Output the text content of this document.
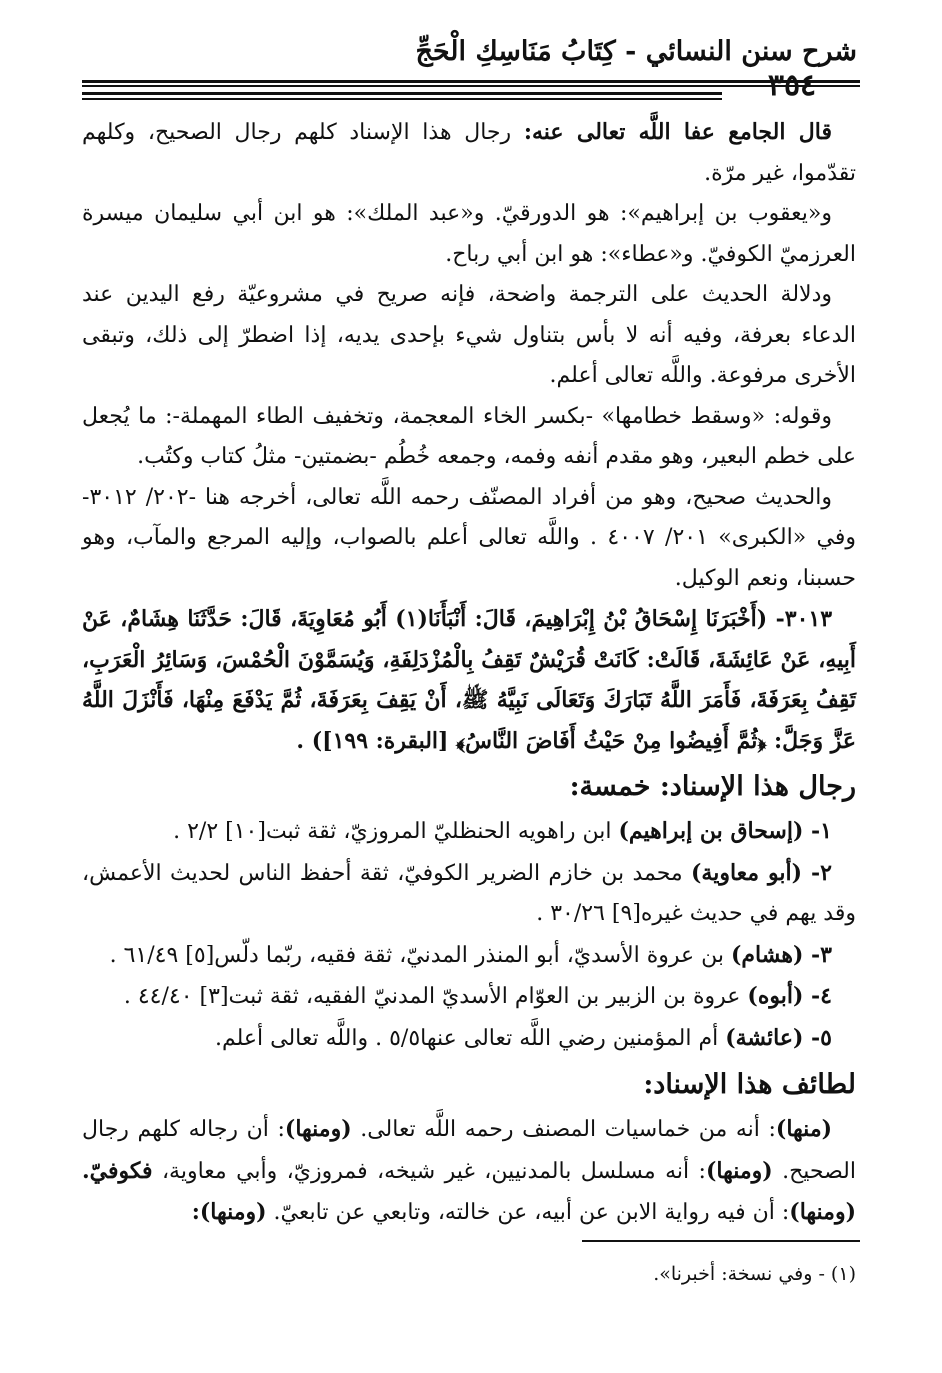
شرح سنن النسائي - كِتَابُ مَنَاسِكِ الْحَجِّ

قال الجامع عفا اللَّه تعالى عنه: رجال هذا الإسناد كلهم رجال الصحيح، وكلهم تقدّموا، غير مرّة.

و«يعقوب بن إبراهيم»: هو الدورقيّ. و«عبد الملك»: هو ابن أبي سليمان ميسرة العرزميّ الكوفيّ. و«عطاء»: هو ابن أبي رباح.

ودلالة الحديث على الترجمة واضحة، فإنه صريح في مشروعيّة رفع اليدين عند الدعاء بعرفة، وفيه أنه لا بأس بتناول شيء بإحدى يديه، إذا اضطرّ إلى ذلك، وتبقى الأخرى مرفوعة. واللَّه تعالى أعلم.

وقوله: «وسقط خطامها» -بكسر الخاء المعجمة، وتخفيف الطاء المهملة-: ما يُجعل على خطم البعير، وهو مقدم أنفه وفمه، وجمعه خُطُم -بضمتين- مثلُ كتاب وكتُب.

والحديث صحيح، وهو من أفراد المصنّف رحمه اللَّه تعالى، أخرجه هنا -٢٠٢/ ٣٠١٢- وفي «الكبرى» ٢٠١/ ٤٠٠٧ . واللَّه تعالى أعلم بالصواب، وإليه المرجع والمآب، وهو حسبنا، ونعم الوكيل.

٣٠١٣- (أَخْبَرَنَا إِسْحَاقُ بْنُ إِبْرَاهِيمَ، قَالَ: أَنْبَأَنَا(١) أَبُو مُعَاوِيَةَ، قَالَ: حَدَّثَنَا هِشَامٌ، عَنْ أَبِيهِ، عَنْ عَائِشَةَ، قَالَتْ: كَانَتْ قُرَيْشٌ تَقِفُ بِالْمُزْدَلِفَةِ، وَيُسَمَّوْنَ الْحُمْسَ، وَسَائِرُ الْعَرَبِ، تَقِفُ بِعَرَفَةَ، فَأَمَرَ اللَّهُ تَبَارَكَ وَتَعَالَى نَبِيَّهُ ﷺ، أَنْ يَقِفَ بِعَرَفَةَ، ثُمَّ يَدْفَعَ مِنْهَا، فَأَنْزَلَ اللَّهُ عَزَّ وَجَلَّ: ﴿ثُمَّ أَفِيضُوا مِنْ حَيْثُ أَفَاضَ النَّاسُ﴾ [البقرة: ١٩٩]) .

رجال هذا الإسناد: خمسة:

١- (إسحاق بن إبراهيم) ابن راهويه الحنظليّ المروزيّ، ثقة ثبت[١٠] ٢/٢ .

٢- (أبو معاوية) محمد بن خازم الضرير الكوفيّ، ثقة أحفظ الناس لحديث الأعمش، وقد يهم في حديث غيره[٩] ٣٠/٢٦ .

٣- (هشام) بن عروة الأسديّ، أبو المنذر المدنيّ، ثقة فقيه، ربّما دلّس[٥] ٦١/٤٩ .

٤- (أبوه) عروة بن الزبير بن العوّام الأسديّ المدنيّ الفقيه، ثقة ثبت[٣] ٤٤/٤٠ .

٥- (عائشة) أم المؤمنين رضي اللَّه تعالى عنها٥/٥ . واللَّه تعالى أعلم.

لطائف هذا الإسناد:

(منها): أنه من خماسيات المصنف رحمه اللَّه تعالى. (ومنها): أن رجاله كلهم رجال الصحيح. (ومنها): أنه مسلسل بالمدنيين، غير شيخه، فمروزيّ، وأبي معاوية، فكوفيّ. (ومنها): أن فيه رواية الابن عن أبيه، عن خالته، وتابعي عن تابعيّ. (ومنها):

(١) - وفي نسخة: أخبرنا».
